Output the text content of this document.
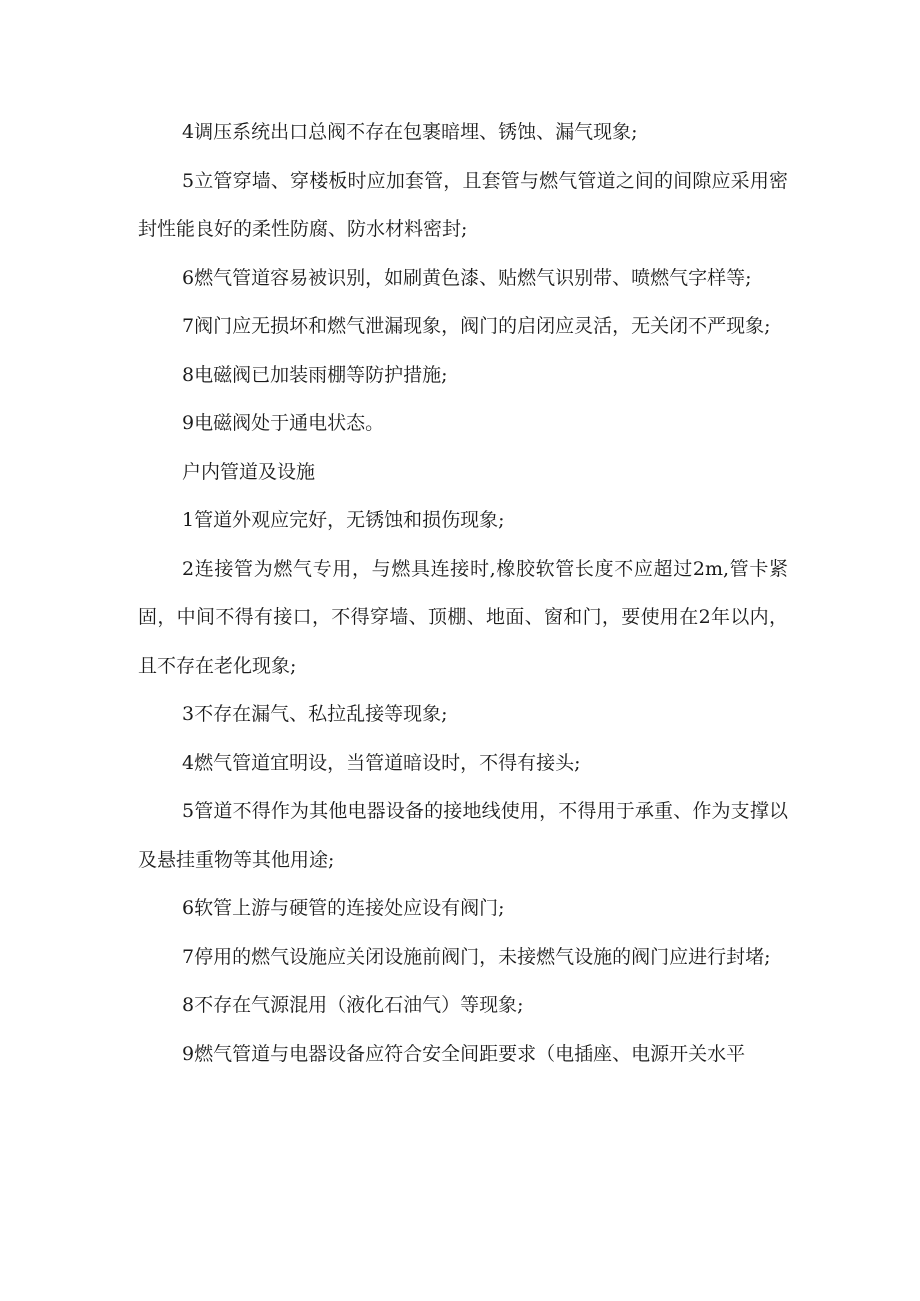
4调压系统出口总阀不存在包裹暗埋、锈蚀、漏气现象;

5立管穿墙、穿楼板时应加套管，且套管与燃气管道之间的间隙应采用密封性能良好的柔性防腐、防水材料密封;

6燃气管道容易被识别，如刷黄色漆、贴燃气识别带、喷燃气字样等;

7阀门应无损坏和燃气泄漏现象，阀门的启闭应灵活，无关闭不严现象;

8电磁阀已加装雨棚等防护措施;

9电磁阀处于通电状态。

户内管道及设施

1管道外观应完好，无锈蚀和损伤现象;

2连接管为燃气专用，与燃具连接时,橡胶软管长度不应超过2m,管卡紧固，中间不得有接口，不得穿墙、顶棚、地面、窗和门，要使用在2年以内，且不存在老化现象;

3不存在漏气、私拉乱接等现象;

4燃气管道宜明设，当管道暗设时，不得有接头;

5管道不得作为其他电器设备的接地线使用，不得用于承重、作为支撑以及悬挂重物等其他用途;

6软管上游与硬管的连接处应设有阀门;

7停用的燃气设施应关闭设施前阀门，未接燃气设施的阀门应进行封堵;

8不存在气源混用（液化石油气）等现象;

9燃气管道与电器设备应符合安全间距要求（电插座、电源开关水平
